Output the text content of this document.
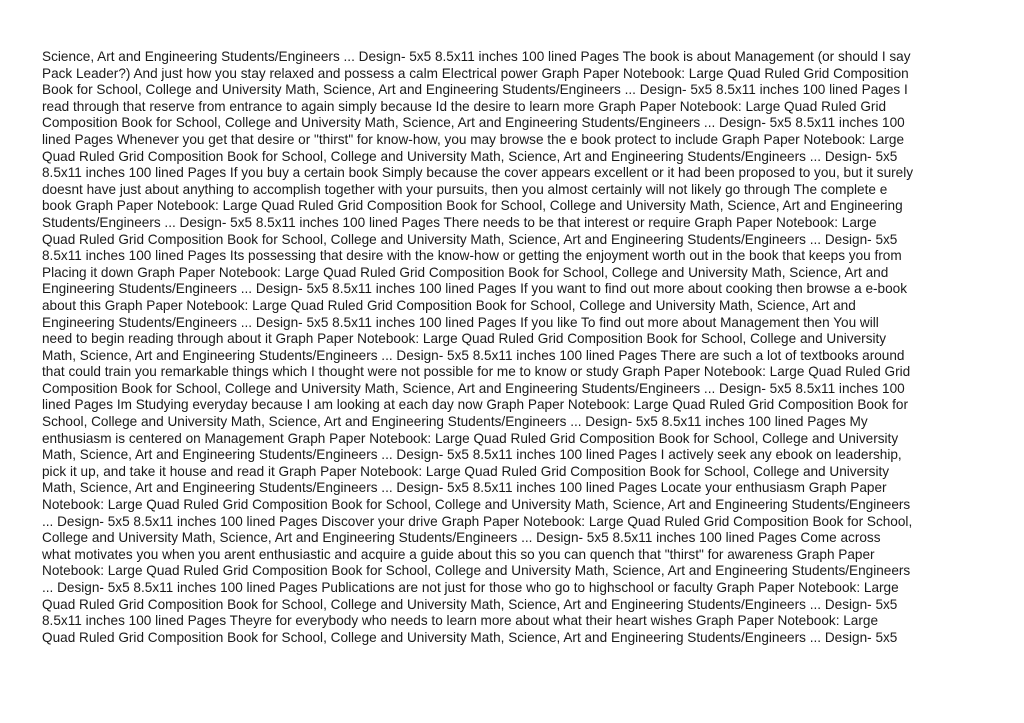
Science, Art and Engineering Students/Engineers ... Design- 5x5 8.5x11 inches 100 lined Pages The book is about Management (or should I say
Pack Leader?) And just how you stay relaxed and possess a calm Electrical power Graph Paper Notebook: Large Quad Ruled Grid Composition
Book for School, College and University Math, Science, Art and Engineering Students/Engineers ... Design- 5x5 8.5x11 inches 100 lined Pages I
read through that reserve from entrance to again simply because Id the desire to learn more Graph Paper Notebook: Large Quad Ruled Grid
Composition Book for School, College and University Math, Science, Art and Engineering Students/Engineers ... Design- 5x5 8.5x11 inches 100
lined Pages Whenever you get that desire or "thirst" for know-how, you may browse the e book protect to include Graph Paper Notebook: Large
Quad Ruled Grid Composition Book for School, College and University Math, Science, Art and Engineering Students/Engineers ... Design- 5x5
8.5x11 inches 100 lined Pages If you buy a certain book Simply because the cover appears excellent or it had been proposed to you, but it surely
doesnt have just about anything to accomplish together with your pursuits, then you almost certainly will not likely go through The complete e
book Graph Paper Notebook: Large Quad Ruled Grid Composition Book for School, College and University Math, Science, Art and Engineering
Students/Engineers ... Design- 5x5 8.5x11 inches 100 lined Pages There needs to be that interest or require Graph Paper Notebook: Large
Quad Ruled Grid Composition Book for School, College and University Math, Science, Art and Engineering Students/Engineers ... Design- 5x5
8.5x11 inches 100 lined Pages Its possessing that desire with the know-how or getting the enjoyment worth out in the book that keeps you from
Placing it down Graph Paper Notebook: Large Quad Ruled Grid Composition Book for School, College and University Math, Science, Art and
Engineering Students/Engineers ... Design- 5x5 8.5x11 inches 100 lined Pages If you want to find out more about cooking then browse a e-book
about this Graph Paper Notebook: Large Quad Ruled Grid Composition Book for School, College and University Math, Science, Art and
Engineering Students/Engineers ... Design- 5x5 8.5x11 inches 100 lined Pages If you like To find out more about Management then You will
need to begin reading through about it Graph Paper Notebook: Large Quad Ruled Grid Composition Book for School, College and University
Math, Science, Art and Engineering Students/Engineers ... Design- 5x5 8.5x11 inches 100 lined Pages There are such a lot of textbooks around
that could train you remarkable things which I thought were not possible for me to know or study Graph Paper Notebook: Large Quad Ruled Grid
Composition Book for School, College and University Math, Science, Art and Engineering Students/Engineers ... Design- 5x5 8.5x11 inches 100
lined Pages Im Studying everyday because I am looking at each day now Graph Paper Notebook: Large Quad Ruled Grid Composition Book for
School, College and University Math, Science, Art and Engineering Students/Engineers ... Design- 5x5 8.5x11 inches 100 lined Pages My
enthusiasm is centered on Management Graph Paper Notebook: Large Quad Ruled Grid Composition Book for School, College and University
Math, Science, Art and Engineering Students/Engineers ... Design- 5x5 8.5x11 inches 100 lined Pages I actively seek any ebook on leadership,
pick it up, and take it house and read it Graph Paper Notebook: Large Quad Ruled Grid Composition Book for School, College and University
Math, Science, Art and Engineering Students/Engineers ... Design- 5x5 8.5x11 inches 100 lined Pages Locate your enthusiasm Graph Paper
Notebook: Large Quad Ruled Grid Composition Book for School, College and University Math, Science, Art and Engineering Students/Engineers
... Design- 5x5 8.5x11 inches 100 lined Pages Discover your drive Graph Paper Notebook: Large Quad Ruled Grid Composition Book for School,
College and University Math, Science, Art and Engineering Students/Engineers ... Design- 5x5 8.5x11 inches 100 lined Pages Come across
what motivates you when you arent enthusiastic and acquire a guide about this so you can quench that "thirst" for awareness Graph Paper
Notebook: Large Quad Ruled Grid Composition Book for School, College and University Math, Science, Art and Engineering Students/Engineers
... Design- 5x5 8.5x11 inches 100 lined Pages Publications are not just for those who go to highschool or faculty Graph Paper Notebook: Large
Quad Ruled Grid Composition Book for School, College and University Math, Science, Art and Engineering Students/Engineers ... Design- 5x5
8.5x11 inches 100 lined Pages Theyre for everybody who needs to learn more about what their heart wishes Graph Paper Notebook: Large
Quad Ruled Grid Composition Book for School, College and University Math, Science, Art and Engineering Students/Engineers ... Design- 5x5
